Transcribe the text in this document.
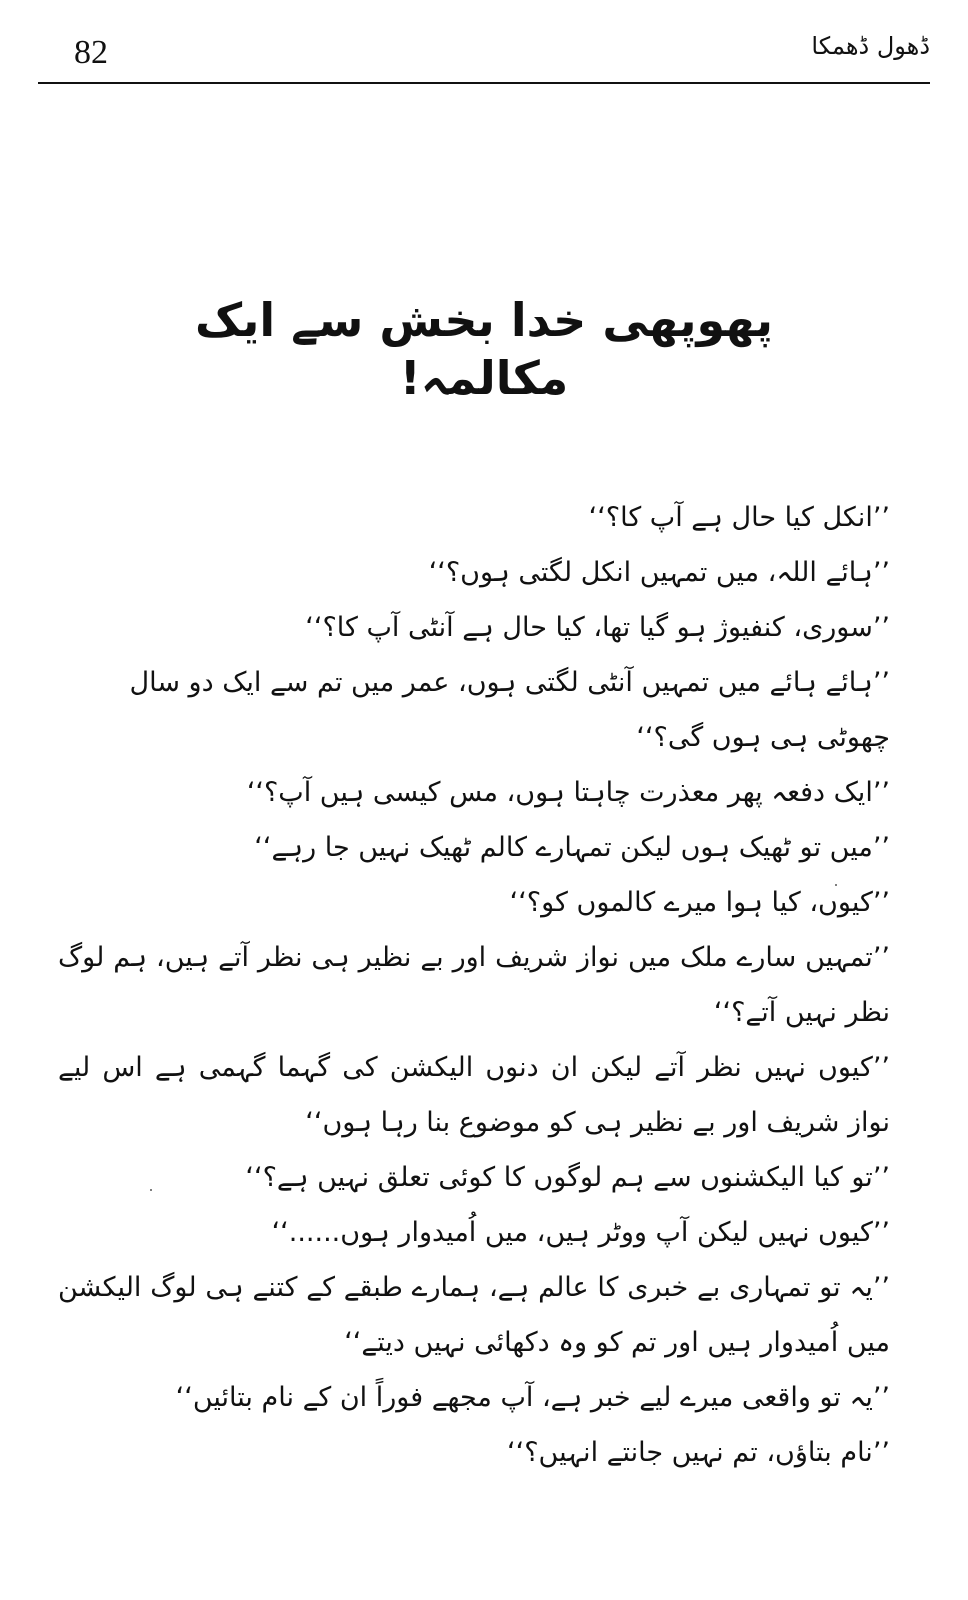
82	ڈھول ڈھمکا
پھوپھی خدا بخش سے ایک مکالمہ!

’’انکل کیا حال ہے آپ کا؟‘‘

’’ہائے اللہ، میں تمہیں انکل لگتی ہوں؟‘‘

’’سوری، کنفیوژ ہو گیا تھا، کیا حال ہے آنٹی آپ کا؟‘‘

’’ہائے ہائے میں تمہیں آنٹی لگتی ہوں، عمر میں تم سے ایک دو سال چھوٹی ہی ہوں گی؟‘‘

’’ایک دفعہ پھر معذرت چاہتا ہوں، مس کیسی ہیں آپ؟‘‘

’’میں تو ٹھیک ہوں لیکن تمہارے کالم ٹھیک نہیں جا رہے‘‘

’’کیوں، کیا ہوا میرے کالموں کو؟‘‘

’’تمہیں سارے ملک میں نواز شریف اور بے نظیر ہی نظر آتے ہیں، ہم لوگ نظر نہیں آتے؟‘‘

’’کیوں نہیں نظر آتے لیکن ان دنوں الیکشن کی گہما گہمی ہے اس لیے نواز شریف اور بے نظیر ہی کو موضوع بنا رہا ہوں‘‘

’’تو کیا الیکشنوں سے ہم لوگوں کا کوئی تعلق نہیں ہے؟‘‘

’’کیوں نہیں لیکن آپ ووٹر ہیں، میں اُمیدوار ہوں......‘‘

’’یہ تو تمہاری بے خبری کا عالم ہے، ہمارے طبقے کے کتنے ہی لوگ الیکشن میں اُمیدوار ہیں اور تم کو وہ دکھائی نہیں دیتے‘‘

’’یہ تو واقعی میرے لیے خبر ہے، آپ مجھے فوراً ان کے نام بتائیں‘‘

’’نام بتاؤں، تم نہیں جانتے انہیں؟‘‘
